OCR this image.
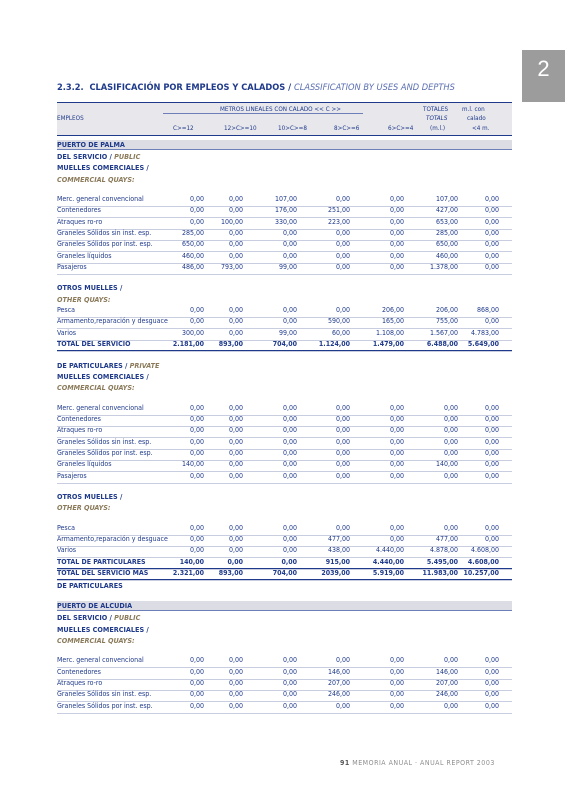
2
2.3.2. CLASIFICACIÓN POR EMPLEOS Y CALADOS / CLASSIFICATION BY USES AND DEPTHS
METROS LINEALES CON CALADO << C >>
EMPLEOS
TOTALES
TOTALS
(m.l.)
m.l. con
calado
<4 m.
C>=12	12>C>=10	10>C>=8	8>C>=6	6>C>=4
PUERTO DE PALMA
DEL SERVICIO / PUBLIC
MUELLES COMERCIALES /
COMMERCIAL QUAYS:
Merc. general convencional	0,00	0,00	107,00	0,00	0,00	107,00	0,00
Contenedores	0,00	0,00	176,00	251,00	0,00	427,00	0,00
Atraques ro-ro	0,00 100,00	330,00	223,00	0,00	653,00	0,00
Graneles Sólidos sin inst. esp.	285,00	0,00	0,00	0,00	0,00	285,00	0,00
Graneles Sólidos por inst. esp.	650,00	0,00	0,00	0,00	0,00	650,00	0,00
Graneles líquidos	460,00	0,00	0,00	0,00	0,00	460,00	0,00
Pasajeros	486,00 793,00	99,00	0,00	0,00	1.378,00	0,00
OTROS MUELLES /
OTHER QUAYS:
Pesca	0,00	0,00	0,00	0,00	206,00	206,00	868,00
Armamento,reparación y desguace	0,00	0,00	0,00	590,00	165,00	755,00	0,00
Varios	300,00	0,00	99,00	60,00	1.108,00	1.567,00 4.783,00
TOTAL DEL SERVICIO	2.181,00 893,00	704,00	1.124,00	1.479,00	6.488,00 5.649,00
DE PARTICULARES / PRIVATE
MUELLES COMERCIALES /
COMMERCIAL QUAYS:
Merc. general convencional	0,00	0,00	0,00	0,00	0,00	0,00	0,00
Contenedores	0,00	0,00	0,00	0,00	0,00	0,00	0,00
Atraques ro-ro	0,00	0,00	0,00	0,00	0,00	0,00	0,00
Graneles Sólidos sin inst. esp.	0,00	0,00	0,00	0,00	0,00	0,00	0,00
Graneles Sólidos por inst. esp.	0,00	0,00	0,00	0,00	0,00	0,00	0,00
Graneles líquidos	140,00	0,00	0,00	0,00	0,00	140,00	0,00
Pasajeros	0,00	0,00	0,00	0,00	0,00	0,00	0,00
OTROS MUELLES /
OTHER QUAYS:
Pesca	0,00	0,00	0,00	0,00	0,00	0,00	0,00
Armamento,reparación y desguace	0,00	0,00	0,00	477,00	0,00	477,00	0,00
Varios	0,00	0,00	0,00	438,00	4.440,00	4.878,00 4.608,00
TOTAL DE PARTICULARES	140,00	0,00	0,00	915,00	4.440,00	5.495,00 4.608,00
TOTAL DEL SERVICIO MAS	2.321,00 893,00	704,00	2039,00	5.919,00	11.983,00 10.257,00
DE PARTICULARES
PUERTO DE ALCUDIA
DEL SERVICIO / PUBLIC
MUELLES COMERCIALES /
COMMERCIAL QUAYS:
Merc. general convencional	0,00	0,00	0,00	0,00	0,00	0,00	0,00
Contenedores	0,00	0,00	0,00	146,00	0,00	146,00	0,00
Atraques ro-ro	0,00	0,00	0,00	207,00	0,00	207,00	0,00
Graneles Sólidos sin inst. esp.	0,00	0,00	0,00	246,00	0,00	246,00	0,00
Graneles Sólidos por inst. esp.	0,00	0,00	0,00	0,00	0,00	0,00	0,00
91 MEMORIA ANUAL · ANUAL REPORT 2003
